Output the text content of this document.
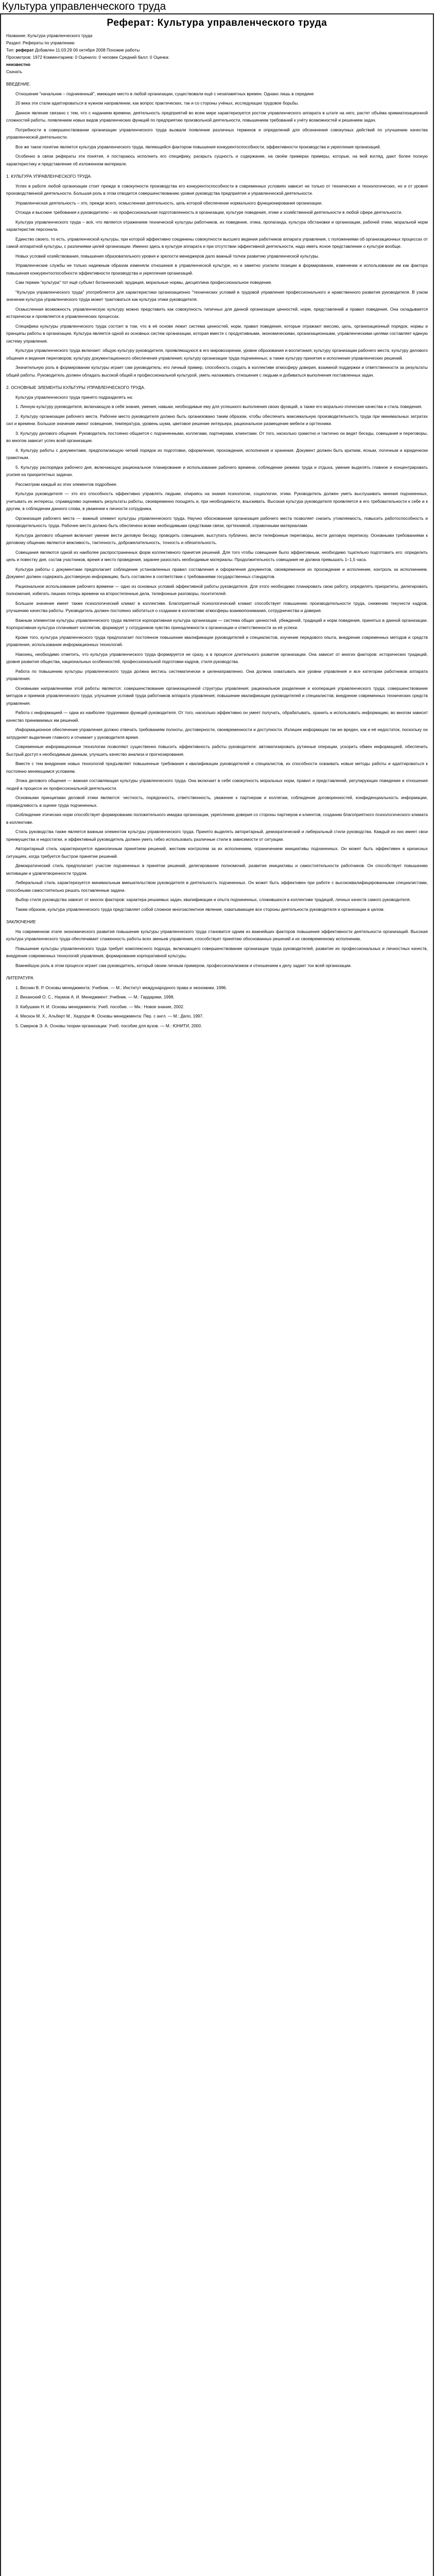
Культура управленческого труда
Реферат: Культура управленческого труда
Название: Культура управленческого труда
Раздел: Рефераты по управлению
Тип: реферат Добавлен 11:03:29 06 октября 2008 Похожие работы
Просмотров: 1972 Комментариев: 0 Оценило: 0 человек Средний балл: 0 Оценка:
неизвестно
Скачать

ВВЕДЕНИЕ.

Отношение "начальник – подчиненный", имеющее место в любой организации, существовали ещё с незапамятных времен. Однако лишь в середине

20 века эти стали адаптироваться в нужном направлении, как вопрос практических, так и со стороны учёных, исследующих трудовое борьбы.

Данное явление связано с тем, что с наданием времени, деятельность предприятий во всем мире характеризуется ростом управленческого аппарата в штате на него, растет объёма кримиатизационной сложностей работы, появлением новых видов управленческих функций по предприятию произвольной деятельности, повышением требований к учёту возможностей и решением задач.

Потребности в совершенствовании организации управленческого труда вызвали появление различных терминов и определений для обозначения совокупных действий по улучшению качества управленческой деятельности.

Все же такое понятие является культура управленческого труда, являющейся фактором повышения конкурентоспособности, эффективности производства и укрепления организаций.

Особенно в связи рефераты эти понятия, я постараюсь исполнить его специфику, раскрыть сущность и содержание, на своём примерах примеры, которые, на мой взгляд, дают более полную характеристику и представление об изложенном материале.

1. КУЛЬТУРА УПРАВЛЕНЧЕСКОГО ТРУДА.

Успех в работе любой организации стоит прежде в совокупности производства его конкурентоспособности в современных условиях зависит не только от технических и технологических, но и от уровня производственной деятельности. Большая роль в этом отводится совершенствованию уровня руководства предприятия и управленческой деятельности.

Управленческая деятельность – это, прежде всего, осмысленная деятельность, цель которой обеспечение нормального функционирования организации.

Отсюда и высокие требования к руководителю – их профессиональная подготовленность в организации, культуре поведения, этике и хозяйственной деятельности в любой сфере деятельности.

Культура управленческого труда – всё, что является отражением технической культуры работников, их поведение, этика, пропаганда, культура обстановки и организации, рабочей этики, моральной норм характеристик персонала.

Единство своего, то есть, управленческой культуры, при которой эффективно соединены совокупности высшего ведения работников аппарата управления, с положениями об организационных процессах от самой аппаратной культуры, с различиями целей организации. Именно здесь в культуре аппарата и при отсутствии эффективной деятельности, надо иметь ясное представление о культуре вообще.

Новых условий хозяйствования, повышения образовательного уровня и зрелости менеджеров дало важный толчок развитию управленческой культуры.

Управленческие службы не только надежным образом изменяли отношения в управленческой культуре, но и заметно усилили позиции в формировании, изменении и использовании им как фактора повышения конкурентоспособности эффективности производства и укрепления организаций.

Сам термин "культура" тот ещё субъект ботанический: эрудиция, моральные нормы, дисциплина профессиональное поведение.

"Культура управленческого труда" употребляется для характеристики организационно "технических условий в трудовой управления профессионального и нравственного развития руководителя. В узком значении культура управленческого труда может трактоваться как культура этики руководителя.

Осмысленная возможность управленческую культуру можно представить как совокупность типичных для данной организации ценностей, норм, представлений и правил поведения. Она складывается исторически и проявляется в управленческих процессах.

Специфика культуры управленческого труда состоит в том, что в её основе лежит система ценностей, норм, правил поведения, которые отражают миссию, цель, организационный порядок, нормы и принципы работы в организации. Культура является одной из основных систем организации, которая вместе с продуктивными, экономическими, организационными, управленческими целями составляет единую систему управления.

Культура управленческого труда включает: общую культуру руководителя, проявляющуюся в его мировоззрении, уровне образования и воспитания; культуру организации рабочего места; культуру делового общения и ведения переговоров; культуру документационного обеспечения управления; культуру организации труда подчиненных; а также культуру принятия и исполнения управленческих решений.

Значительную роль в формировании культуры играет сам руководитель: его личный пример, способность создать в коллективе атмосферу доверия, взаимной поддержки и ответственности за результаты общей работы. Руководитель должен обладать высокой общей и профессиональной культурой, уметь налаживать отношения с людьми и добиваться выполнения поставленных задач.

2. ОСНОВНЫЕ ЭЛЕМЕНТЫ КУЛЬТУРЫ УПРАВЛЕНЧЕСКОГО ТРУДА.

Культура управленческого труда принято подразделять на:

1. Личную культуру руководителя, включающую в себя знания, умения, навыки, необходимые ему для успешного выполнения своих функций, а также его морально-этические качества и стиль поведения.

2. Культуру организации рабочего места. Рабочее место руководителя должно быть организовано таким образом, чтобы обеспечить максимальную производительность труда при минимальных затратах сил и времени. Большое значение имеют освещение, температура, уровень шума, цветовое решение интерьера, рациональное размещение мебели и оргтехники.

3. Культуру делового общения. Руководитель постоянно общается с подчиненными, коллегами, партнерами, клиентами. От того, насколько грамотно и тактично он ведет беседы, совещания и переговоры, во многом зависит успех всей организации.

4. Культуру работы с документами, предполагающую четкий порядок их подготовки, оформления, прохождения, исполнения и хранения. Документ должен быть кратким, ясным, логичным и юридически грамотным.

5. Культуру распорядка рабочего дня, включающую рациональное планирование и использование рабочего времени, соблюдение режима труда и отдыха, умение выделять главное и концентрировать усилия на приоритетных задачах.

Рассмотрим каждый из этих элементов подробнее.

Культура руководителя — это его способность эффективно управлять людьми, опираясь на знания психологии, социологии, этики. Руководитель должен уметь выслушивать мнения подчиненных, учитывать их интересы, справедливо оценивать результаты работы, своевременно поощрять и, при необходимости, взыскивать. Высокая культура руководителя проявляется в его требовательности к себе и к другим, в соблюдении данного слова, в уважении к личности сотрудника.

Организация рабочего места — важный элемент культуры управленческого труда. Научно обоснованная организация рабочего места позволяет снизить утомляемость, повысить работоспособность и производительность труда. Рабочее место должно быть обеспечено всеми необходимыми средствами связи, оргтехникой, справочными материалами.

Культура делового общения включает умение вести деловую беседу, проводить совещания, выступать публично, вести телефонные переговоры, вести деловую переписку. Основными требованиями к деловому общению являются вежливость, тактичность, доброжелательность, точность и обязательность.

Совещания являются одной из наиболее распространенных форм коллективного принятия решений. Для того чтобы совещание было эффективным, необходимо тщательно подготовить его: определить цель и повестку дня, состав участников, время и место проведения, заранее разослать необходимые материалы. Продолжительность совещания не должна превышать 1–1,5 часа.

Культура работы с документами предполагает соблюдение установленных правил составления и оформления документов, своевременное их прохождение и исполнение, контроль за исполнением. Документ должен содержать достоверную информацию, быть составлен в соответствии с требованиями государственных стандартов.

Рациональное использование рабочего времени — одно из основных условий эффективной работы руководителя. Для этого необходимо планировать свою работу, определять приоритеты, делегировать полномочия, избегать лишних потерь времени на второстепенные дела, телефонные разговоры, посетителей.

Большое значение имеет также психологический климат в коллективе. Благоприятный психологический климат способствует повышению производительности труда, снижению текучести кадров, улучшению качества работы. Руководитель должен постоянно заботиться о создании в коллективе атмосферы взаимопонимания, сотрудничества и доверия.

Важным элементом культуры управленческого труда является корпоративная культура организации — система общих ценностей, убеждений, традиций и норм поведения, принятых в данной организации. Корпоративная культура сплачивает коллектив, формирует у сотрудников чувство принадлежности к организации и ответственности за её успехи.

Кроме того, культура управленческого труда предполагает постоянное повышение квалификации руководителей и специалистов, изучение передового опыта, внедрение современных методов и средств управления, использование информационных технологий.

Наконец, необходимо отметить, что культура управленческого труда формируется не сразу, а в процессе длительного развития организации. Она зависит от многих факторов: исторических традиций, уровня развития общества, национальных особенностей, профессиональной подготовки кадров, стиля руководства.

Работа по повышению культуры управленческого труда должна вестись систематически и целенаправленно. Она должна охватывать все уровни управления и все категории работников аппарата управления.

Основными направлениями этой работы являются: совершенствование организационной структуры управления; рациональное разделение и кооперация управленческого труда; совершенствование методов и приемов управленческого труда; улучшение условий труда работников аппарата управления; повышение квалификации руководителей и специалистов; внедрение современных технических средств управления.

Работа с информацией — одна из наиболее трудоемких функций руководителя. От того, насколько эффективно он умеет получать, обрабатывать, хранить и использовать информацию, во многом зависит качество принимаемых им решений.

Информационное обеспечение управления должно отвечать требованиям полноты, достоверности, своевременности и доступности. Излишек информации так же вреден, как и её недостаток, поскольку он затрудняет выделение главного и отнимает у руководителя время.

Современные информационные технологии позволяют существенно повысить эффективность работы руководителя: автоматизировать рутинные операции, ускорить обмен информацией, обеспечить быстрый доступ к необходимым данным, улучшить качество анализа и прогнозирования.

Вместе с тем внедрение новых технологий предъявляет повышенные требования к квалификации руководителей и специалистов, их способности осваивать новые методы работы и адаптироваться к постоянно меняющимся условиям.

Этика делового общения — важная составляющая культуры управленческого труда. Она включает в себя совокупность моральных норм, правил и представлений, регулирующих поведение и отношения людей в процессе их профессиональной деятельности.

Основными принципами деловой этики являются: честность, порядочность, ответственность, уважение к партнерам и коллегам, соблюдение договоренностей, конфиденциальность информации, справедливость в оценке труда подчиненных.

Соблюдение этических норм способствует формированию положительного имиджа организации, укреплению доверия со стороны партнеров и клиентов, созданию благоприятного психологического климата в коллективе.

Стиль руководства также является важным элементом культуры управленческого труда. Принято выделять авторитарный, демократический и либеральный стили руководства. Каждый из них имеет свои преимущества и недостатки, и эффективный руководитель должен уметь гибко использовать различные стили в зависимости от ситуации.

Авторитарный стиль характеризуется единоличным принятием решений, жестким контролем за их исполнением, ограничением инициативы подчиненных. Он может быть эффективен в кризисных ситуациях, когда требуется быстрое принятие решений.

Демократический стиль предполагает участие подчиненных в принятии решений, делегирование полномочий, развитие инициативы и самостоятельности работников. Он способствует повышению мотивации и удовлетворенности трудом.

Либеральный стиль характеризуется минимальным вмешательством руководителя в деятельность подчиненных. Он может быть эффективен при работе с высококвалифицированными специалистами, способными самостоятельно решать поставленные задачи.

Выбор стиля руководства зависит от многих факторов: характера решаемых задач, квалификации и опыта подчиненных, сложившихся в коллективе традиций, личных качеств самого руководителя.

Таким образом, культура управленческого труда представляет собой сложное многоаспектное явление, охватывающее все стороны деятельности руководителя и организации в целом.

ЗАКЛЮЧЕНИЕ

На современном этапе экономического развития повышение культуры управленческого труда становится одним из важнейших факторов повышения эффективности деятельности организаций. Высокая культура управленческого труда обеспечивает слаженность работы всех звеньев управления, способствует принятию обоснованных решений и их своевременному исполнению.

Повышение культуры управленческого труда требует комплексного подхода, включающего совершенствование организации труда руководителей, развитие их профессиональных и личностных качеств, внедрение современных технологий управления, формирование корпоративной культуры.

Важнейшую роль в этом процессе играет сам руководитель, который своим личным примером, профессионализмом и отношением к делу задает тон всей организации.

ЛИТЕРАТУРА

1. Веснин В. Р. Основы менеджмента: Учебник. — М.: Институт международного права и экономики, 1996.

2. Виханский О. С., Наумов А. И. Менеджмент: Учебник. — М.: Гардарики, 1998.

3. Кабушкин Н. И. Основы менеджмента: Учеб. пособие. — Мн.: Новое знание, 2002.

4. Мескон М. Х., Альберт М., Хедоури Ф. Основы менеджмента: Пер. с англ. — М.: Дело, 1997.

5. Смирнов Э. А. Основы теории организации: Учеб. пособие для вузов. — М.: ЮНИТИ, 2000.
